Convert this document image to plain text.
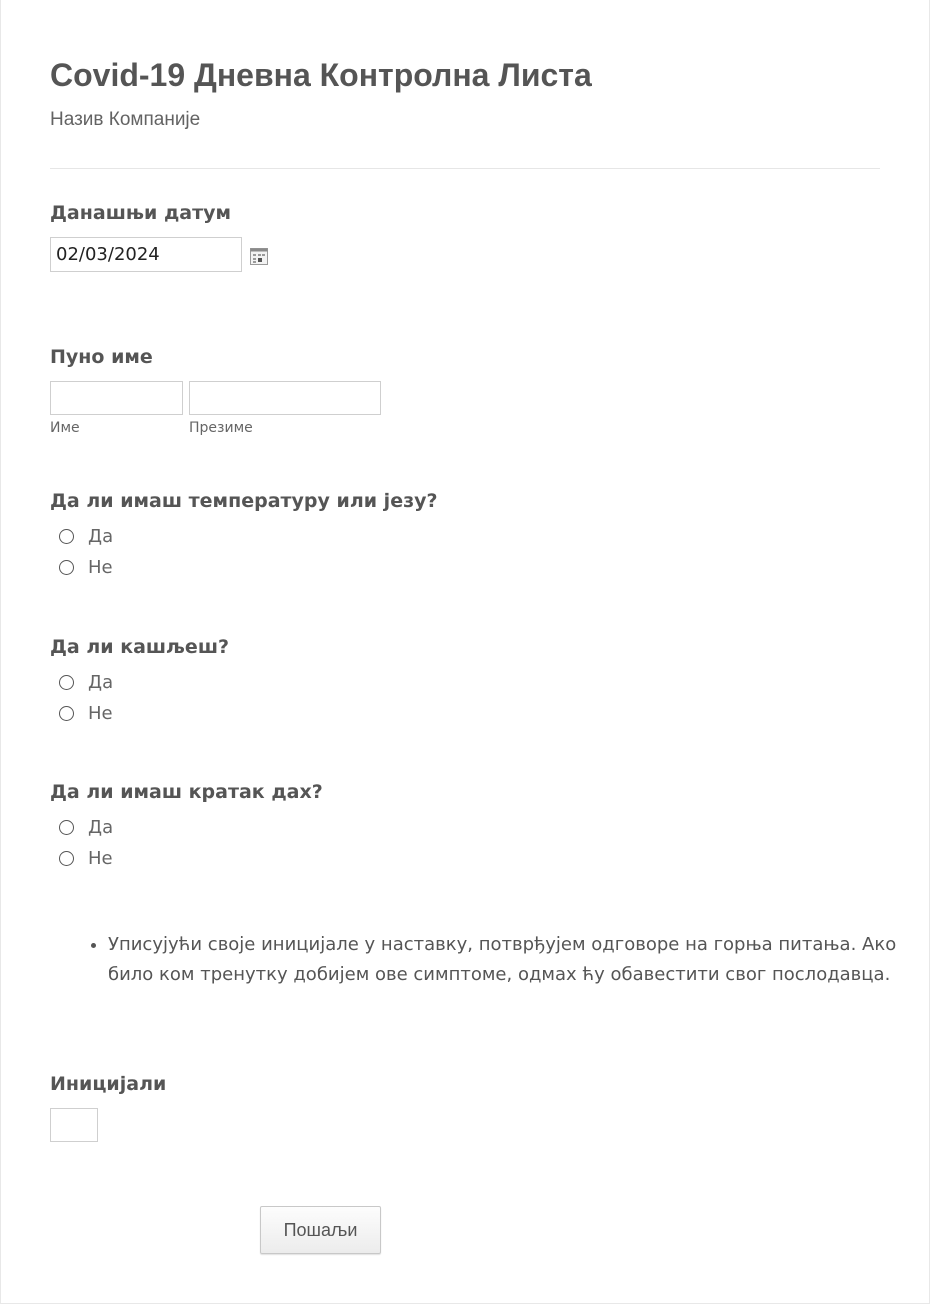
Covid-19 Дневна Контролна Листа
Назив Компаније
Данашњи датум
02/03/2024
Пуно име
Име	Презиме
Да ли имаш температуру или језу?
Да
Не
Да ли кашљеш?
Да
Не
Да ли имаш кратак дах?
Да
Не
• Уписујући своје иницијале у наставку, потврђујем одговоре на горња питања. Ако било ком тренутку добијем ове симптоме, одмах ћу обавестити свог послодавца.
Иницијали
Пошаљи
